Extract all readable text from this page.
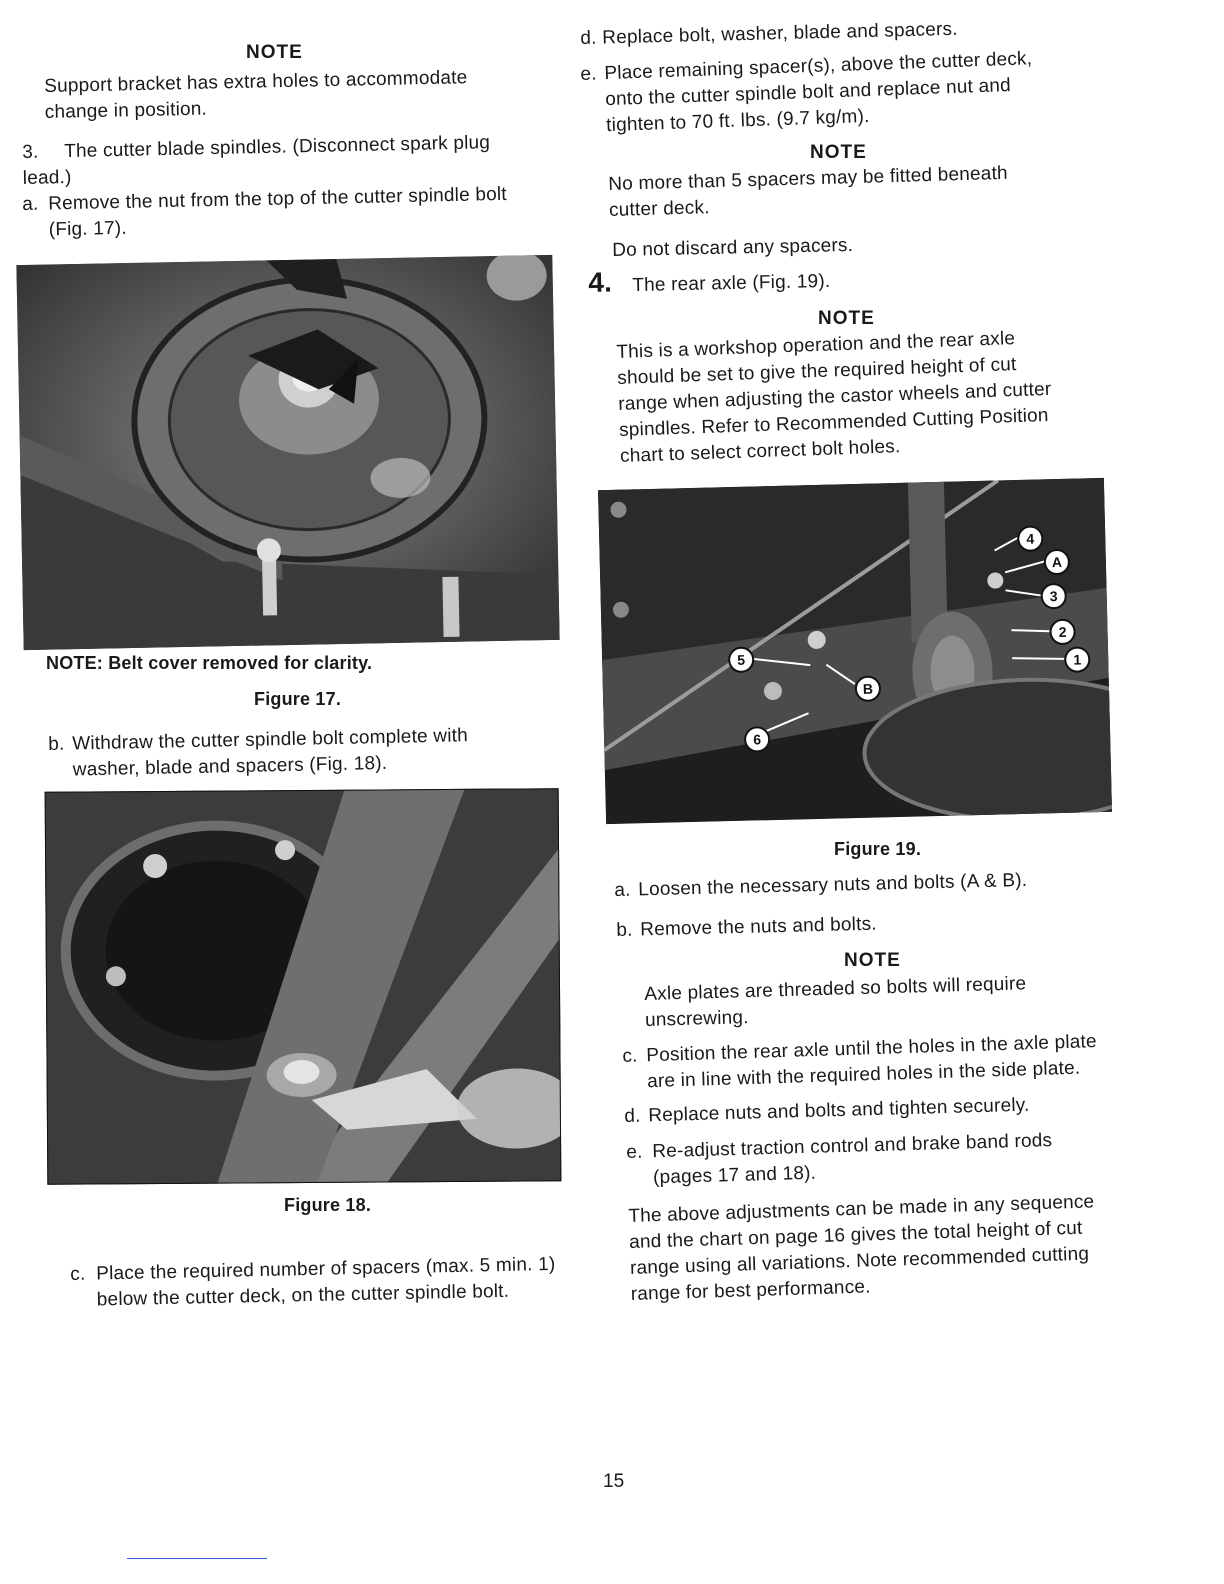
NOTE
Support bracket has extra holes to accommodate
change in position.
3. The cutter blade spindles. (Disconnect spark plug
lead.)
a. Remove the nut from the top of the cutter spindle bolt
(Fig. 17).
NOTE: Belt cover removed for clarity.
Figure 17.
b. Withdraw the cutter spindle bolt complete with
washer, blade and spacers (Fig. 18).
Figure 18.
c. Place the required number of spacers (max. 5 min. 1)
below the cutter deck, on the cutter spindle bolt.
d. Replace bolt, washer, blade and spacers.
e. Place remaining spacer(s), above the cutter deck,
onto the cutter spindle bolt and replace nut and
tighten to 70 ft. lbs. (9.7 kg/m).
NOTE
No more than 5 spacers may be fitted beneath
cutter deck.
Do not discard any spacers.
4. The rear axle (Fig. 19).
NOTE
This is a workshop operation and the rear axle
should be set to give the required height of cut
range when adjusting the castor wheels and cutter
spindles. Refer to Recommended Cutting Position
chart to select correct bolt holes.
4
A
3
2
1
5
B
6
Figure 19.
a. Loosen the necessary nuts and bolts (A & B).
b. Remove the nuts and bolts.
NOTE
Axle plates are threaded so bolts will require
unscrewing.
c. Position the rear axle until the holes in the axle plate
are in line with the required holes in the side plate.
d. Replace nuts and bolts and tighten securely.
e. Re-adjust traction control and brake band rods
(pages 17 and 18).
The above adjustments can be made in any sequence
and the chart on page 16 gives the total height of cut
range using all variations. Note recommended cutting
range for best performance.
15
